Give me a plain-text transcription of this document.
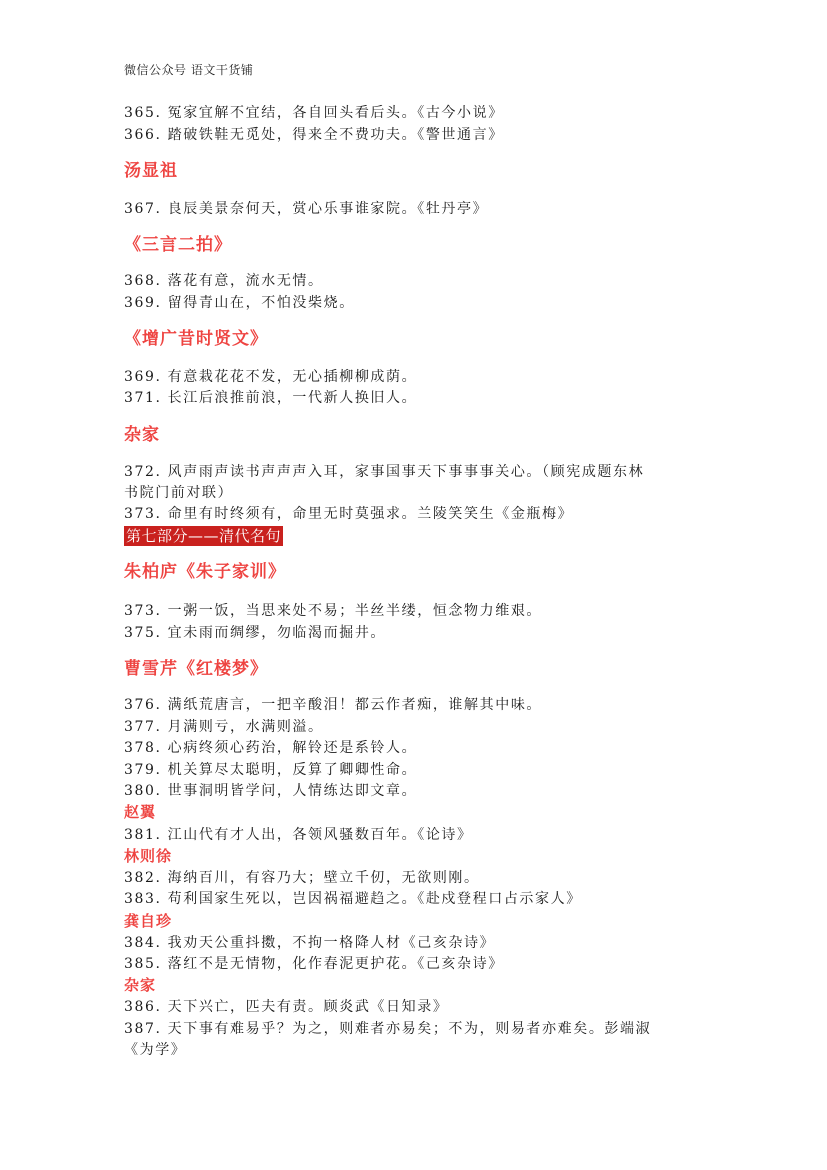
微信公众号 语文干货铺
365. 冤家宜解不宜结，各自回头看后头。《古今小说》
366. 踏破铁鞋无觅处，得来全不费功夫。《警世通言》
汤显祖
367. 良辰美景奈何天，赏心乐事谁家院。《牡丹亭》
《三言二拍》
368. 落花有意，流水无情。
369. 留得青山在，不怕没柴烧。
《增广昔时贤文》
369. 有意栽花花不发，无心插柳柳成荫。
371. 长江后浪推前浪，一代新人换旧人。
杂家
372. 风声雨声读书声声声入耳，家事国事天下事事事关心。（顾宪成题东林
书院门前对联）
373. 命里有时终须有，命里无时莫强求。兰陵笑笑生《金瓶梅》
第七部分——清代名句
朱柏庐《朱子家训》
373. 一粥一饭，当思来处不易；半丝半缕，恒念物力维艰。
375. 宜未雨而绸缪，勿临渴而掘井。
曹雪芹《红楼梦》
376. 满纸荒唐言，一把辛酸泪！都云作者痴，谁解其中味。
377. 月满则亏，水满则溢。
378. 心病终须心药治，解铃还是系铃人。
379. 机关算尽太聪明，反算了卿卿性命。
380. 世事洞明皆学问，人情练达即文章。
赵翼
381. 江山代有才人出，各领风骚数百年。《论诗》
林则徐
382. 海纳百川，有容乃大；壁立千仞，无欲则刚。
383. 苟利国家生死以，岂因祸福避趋之。《赴戍登程口占示家人》
龚自珍
384. 我劝天公重抖擞，不拘一格降人材《己亥杂诗》
385. 落红不是无情物，化作春泥更护花。《己亥杂诗》
杂家
386. 天下兴亡，匹夫有责。顾炎武《日知录》
387. 天下事有难易乎？为之，则难者亦易矣；不为，则易者亦难矣。彭端淑
《为学》
